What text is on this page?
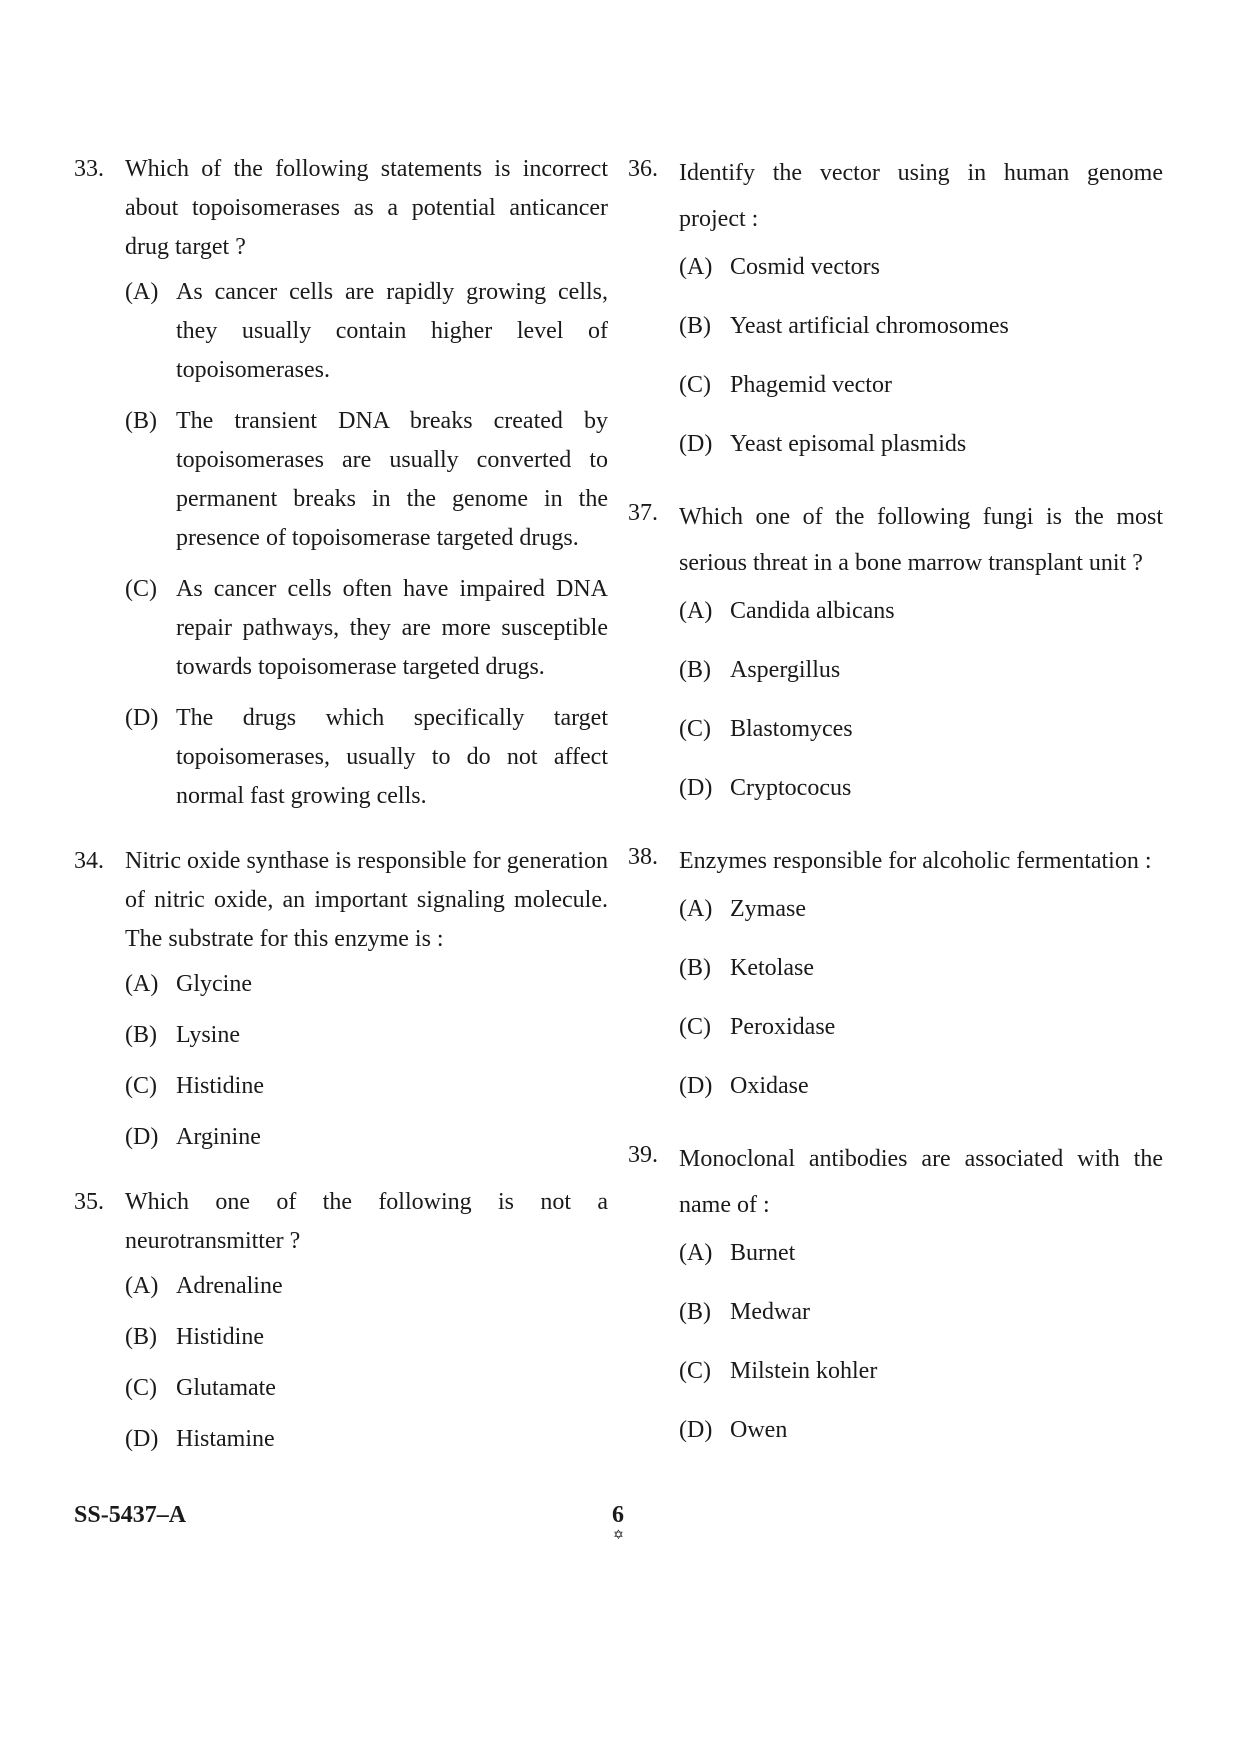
33. Which of the following statements is incorrect about topoisomerases as a potential anticancer drug target ?
(A) As cancer cells are rapidly growing cells, they usually contain higher level of topoisomerases.
(B) The transient DNA breaks created by topoisomerases are usually converted to permanent breaks in the genome in the presence of topoisomerase targeted drugs.
(C) As cancer cells often have impaired DNA repair pathways, they are more susceptible towards topoisomerase targeted drugs.
(D) The drugs which specifically target topoisomerases, usually to do not affect normal fast growing cells.
34. Nitric oxide synthase is responsible for generation of nitric oxide, an important signaling molecule. The substrate for this enzyme is :
(A) Glycine
(B) Lysine
(C) Histidine
(D) Arginine
35. Which one of the following is not a neurotransmitter ?
(A) Adrenaline
(B) Histidine
(C) Glutamate
(D) Histamine
36. Identify the vector using in human genome project :
(A) Cosmid vectors
(B) Yeast artificial chromosomes
(C) Phagemid vector
(D) Yeast episomal plasmids
37. Which one of the following fungi is the most serious threat in a bone marrow transplant unit ?
(A) Candida albicans
(B) Aspergillus
(C) Blastomyces
(D) Cryptococus
38. Enzymes responsible for alcoholic fermentation :
(A) Zymase
(B) Ketolase
(C) Peroxidase
(D) Oxidase
39. Monoclonal antibodies are associated with the name of :
(A) Burnet
(B) Medwar
(C) Milstein kohler
(D) Owen
SS-5437–A	6
✡
